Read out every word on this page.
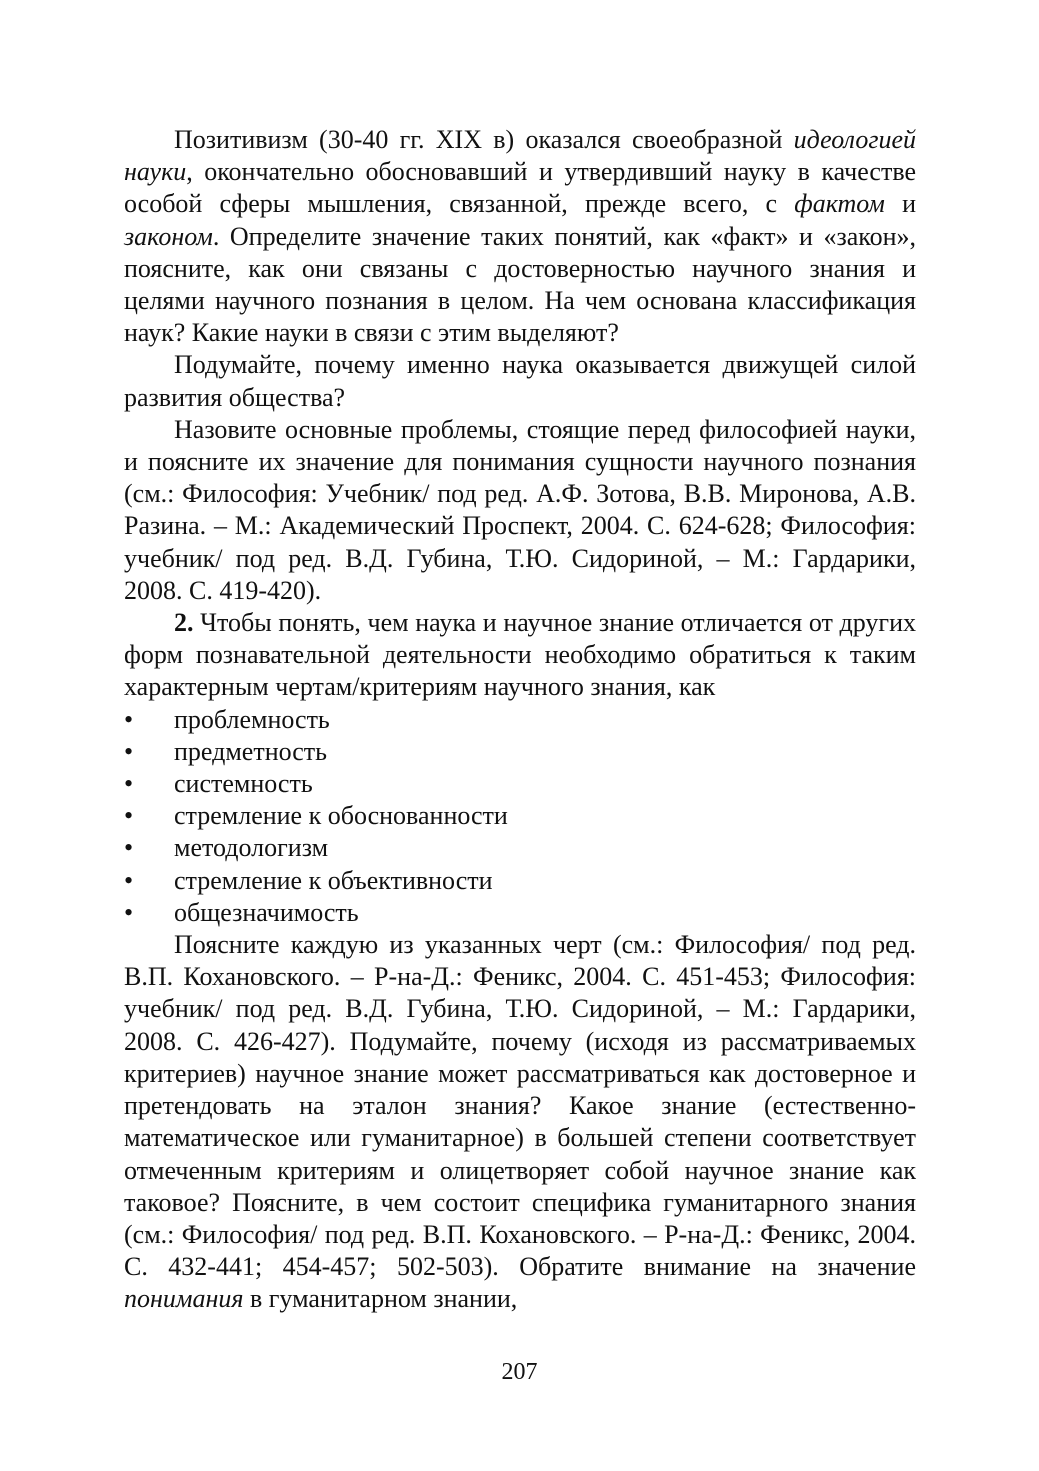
Позитивизм (30-40 гг. XIX в) оказался своеобразной идеологией науки, окончательно обосновавший и утвердивший науку в качестве особой сферы мышления, связанной, прежде всего, с фактом и законом. Определите значение таких понятий, как «факт» и «закон», поясните, как они связаны с достоверностью научного знания и целями научного познания в целом. На чем основана классификация наук? Какие науки в связи с этим выделяют?

Подумайте, почему именно наука оказывается движущей силой развития общества?

Назовите основные проблемы, стоящие перед философией науки, и поясните их значение для понимания сущности научного познания (см.: Философия: Учебник/ под ред. А.Ф. Зотова, В.В. Миронова, А.В. Разина. – М.: Академический Проспект, 2004. С. 624-628; Философия: учебник/ под ред. В.Д. Губина, Т.Ю. Сидориной, – М.: Гардарики, 2008. С. 419-420).

2. Чтобы понять, чем наука и научное знание отличается от других форм познавательной деятельности необходимо обратиться к таким характерным чертам/критериям научного знания, как

•	проблемность
•	предметность
•	системность
•	стремление к обоснованности
•	методологизм
•	стремление к объективности
•	общезначимость

Поясните каждую из указанных черт (см.: Философия/ под ред. В.П. Кохановского. – Р-на-Д.: Феникс, 2004. С. 451-453; Философия: учебник/ под ред. В.Д. Губина, Т.Ю. Сидориной, – М.: Гардарики, 2008. С. 426-427). Подумайте, почему (исходя из рассматриваемых критериев) научное знание может рассматриваться как достоверное и претендовать на эталон знания? Какое знание (естественно-математическое или гуманитарное) в большей степени соответствует отмеченным критериям и олицетворяет собой научное знание как таковое? Поясните, в чем состоит специфика гуманитарного знания (см.: Философия/ под ред. В.П. Кохановского. – Р-на-Д.: Феникс, 2004. С. 432-441; 454-457; 502-503). Обратите внимание на значение понимания в гуманитарном знании,

207
